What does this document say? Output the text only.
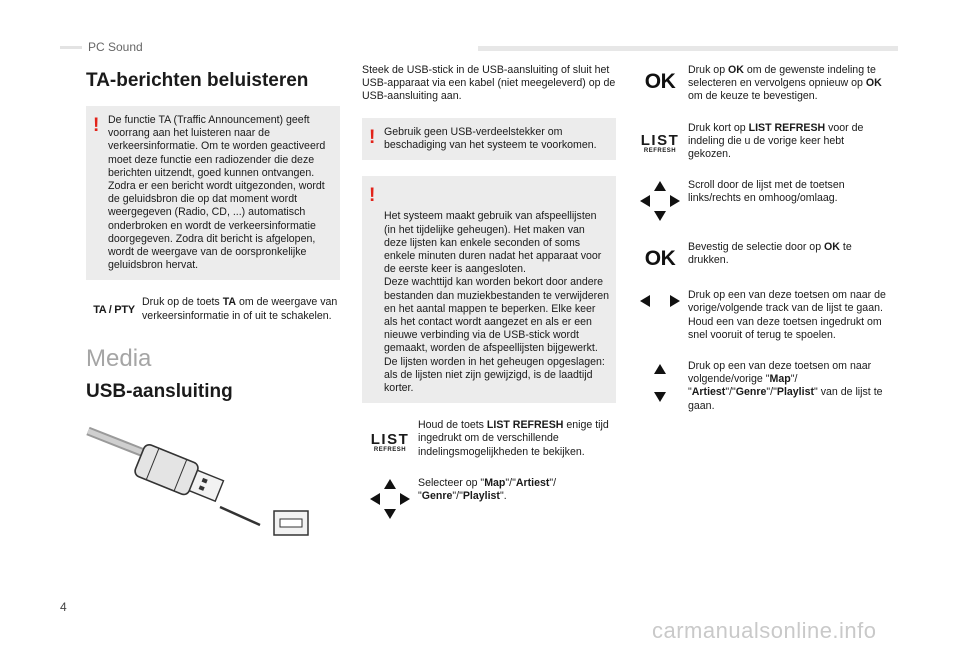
PC Sound
TA-berichten beluisteren
! De functie TA (Traffic Announcement) geeft voorrang aan het luisteren naar de verkeersinformatie. Om te worden geactiveerd moet deze functie een radiozender die deze berichten uitzendt, goed kunnen ontvangen. Zodra er een bericht wordt uitgezonden, wordt de geluidsbron die op dat moment wordt weergegeven (Radio, CD, ...) automatisch onderbroken en wordt de verkeersinformatie doorgegeven. Zodra dit bericht is afgelopen, wordt de weergave van de oorspronkelijke geluidsbron hervat.
TA / PTY
Druk op de toets TA om de weergave van verkeersinformatie in of uit te schakelen.
Media
USB-aansluiting

Steek de USB-stick in de USB-aansluiting of sluit het USB-apparaat via een kabel (niet meegeleverd) op de USB-aansluiting aan.

! Gebruik geen USB-verdeelstekker om beschadiging van het systeem te voorkomen.

!

Het systeem maakt gebruik van afspeellijsten (in het tijdelijke geheugen). Het maken van deze lijsten kan enkele seconden of soms enkele minuten duren nadat het apparaat voor de eerste keer is aangesloten.
Deze wachttijd kan worden bekort door andere bestanden dan muziekbestanden te verwijderen en het aantal mappen te beperken. Elke keer als het contact wordt aangezet en als er een nieuwe verbinding via de USB-stick wordt gemaakt, worden de afspeellijsten bijgewerkt.
De lijsten worden in het geheugen opgeslagen: als de lijsten niet zijn gewijzigd, is de laadtijd korter.

LIST
REFRESH
Houd de toets LIST REFRESH enige tijd ingedrukt om de verschillende indelingsmogelijkheden te bekijken.
Selecteer op "Map"/"Artiest"/ "Genre"/"Playlist".
OK Druk op OK om de gewenste indeling te selecteren en vervolgens opnieuw op OK om de keuze te bevestigen.
LIST
REFRESH
Druk kort op LIST REFRESH voor de indeling die u de vorige keer hebt gekozen.
Scroll door de lijst met de toetsen links/rechts en omhoog/omlaag.
OK Bevestig de selectie door op OK te drukken.
Druk op een van deze toetsen om naar de vorige/volgende track van de lijst te gaan.
Houd een van deze toetsen ingedrukt om snel vooruit of terug te spoelen.
Druk op een van deze toetsen om naar volgende/vorige "Map"/ "Artiest"/"Genre"/"Playlist" van de lijst te gaan.
4
carmanualsonline.info
